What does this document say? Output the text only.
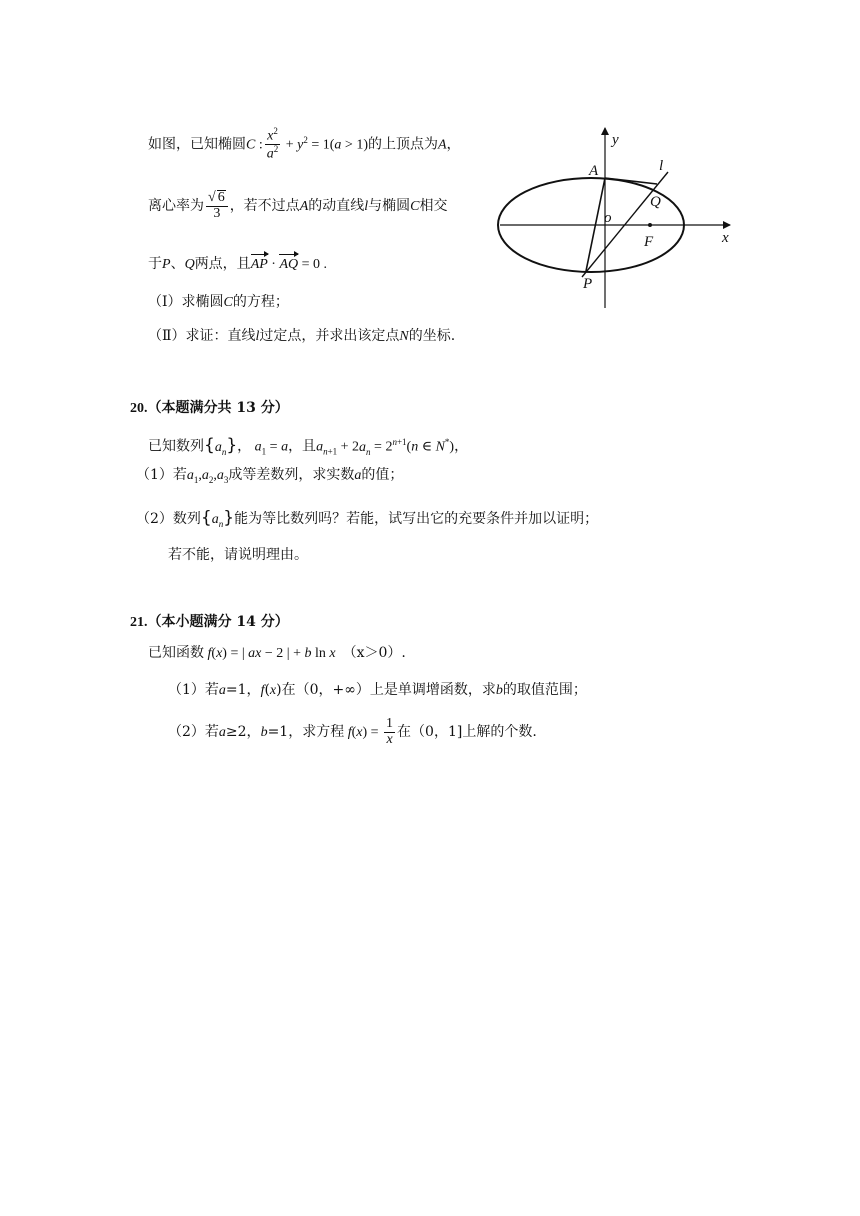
如图，已知椭圆C : $\frac{x^2}{a^2} + y^2 = 1(a > 1)$的上顶点为A，
离心率为 $\frac{√ 6}{3}$ ，若不过点A的动直线l与椭圆C相交
于P、Q两点，且AP · AQ = 0 .
（Ⅰ）求椭圆C的方程；
（Ⅱ）求证：直线l过定点，并求出该定点N的坐标.
y
x
A	l
Q
o
F
P
20.（本题满分共 13 分）
已知数列$\{a_n\}$， $a_1 = a$，且$a_{n+1} + 2a_n = 2^{n+1}(n$ ∈ N*)，
（1）若$a_1,a_2,a_3$成等差数列，求实数a的值；
（2）数列$\{a_n\}$能为等比数列吗？若能，试写出它的充要条件并加以证明；
若不能，请说明理由。
21.（本小题满分 14 分）
已知函数 f(x) = | ax − 2 | + b ln x　 （x＞0）.
（1）若a=1，f(x)在（0，+∞）上是单调增函数，求b的取值范围；
（2）若a≥2，b=1，求方程 $f(x) = \frac{1}{x}$ 在（0，1]上解的个数.
